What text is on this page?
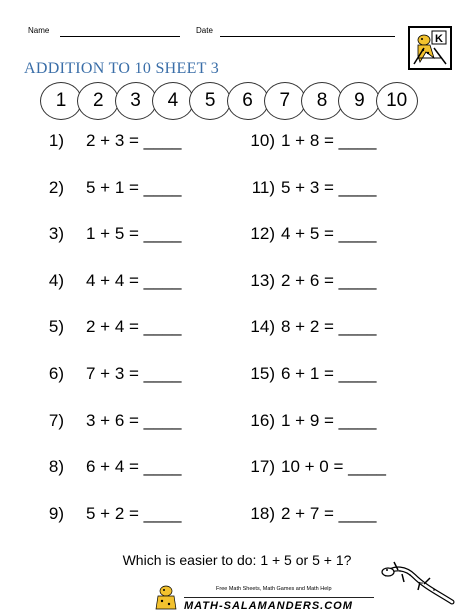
Name	Date
K
ADDITION TO 10 SHEET 3
1	2	3	4	5	6	7	8	9	10
1) 2 + 3 = ____
2) 5 + 1 = ____
3) 1 + 5 = ____
4) 4 + 4 = ____
5) 2 + 4 = ____
6) 7 + 3 = ____
7) 3 + 6 = ____
8) 6 + 4 = ____
9) 5 + 2 = ____
10) 1 + 8 = ____
11) 5 + 3 = ____
12) 4 + 5 = ____
13) 2 + 6 = ____
14) 8 + 2 = ____
15) 6 + 1 = ____
16) 1 + 9 = ____
17) 10 + 0 = ____
18) 2 + 7 = ____
Which is easier to do: 1 + 5 or 5 + 1?
Free Math Sheets, Math Games and Math Help
MATH-SALAMANDERS.COM
